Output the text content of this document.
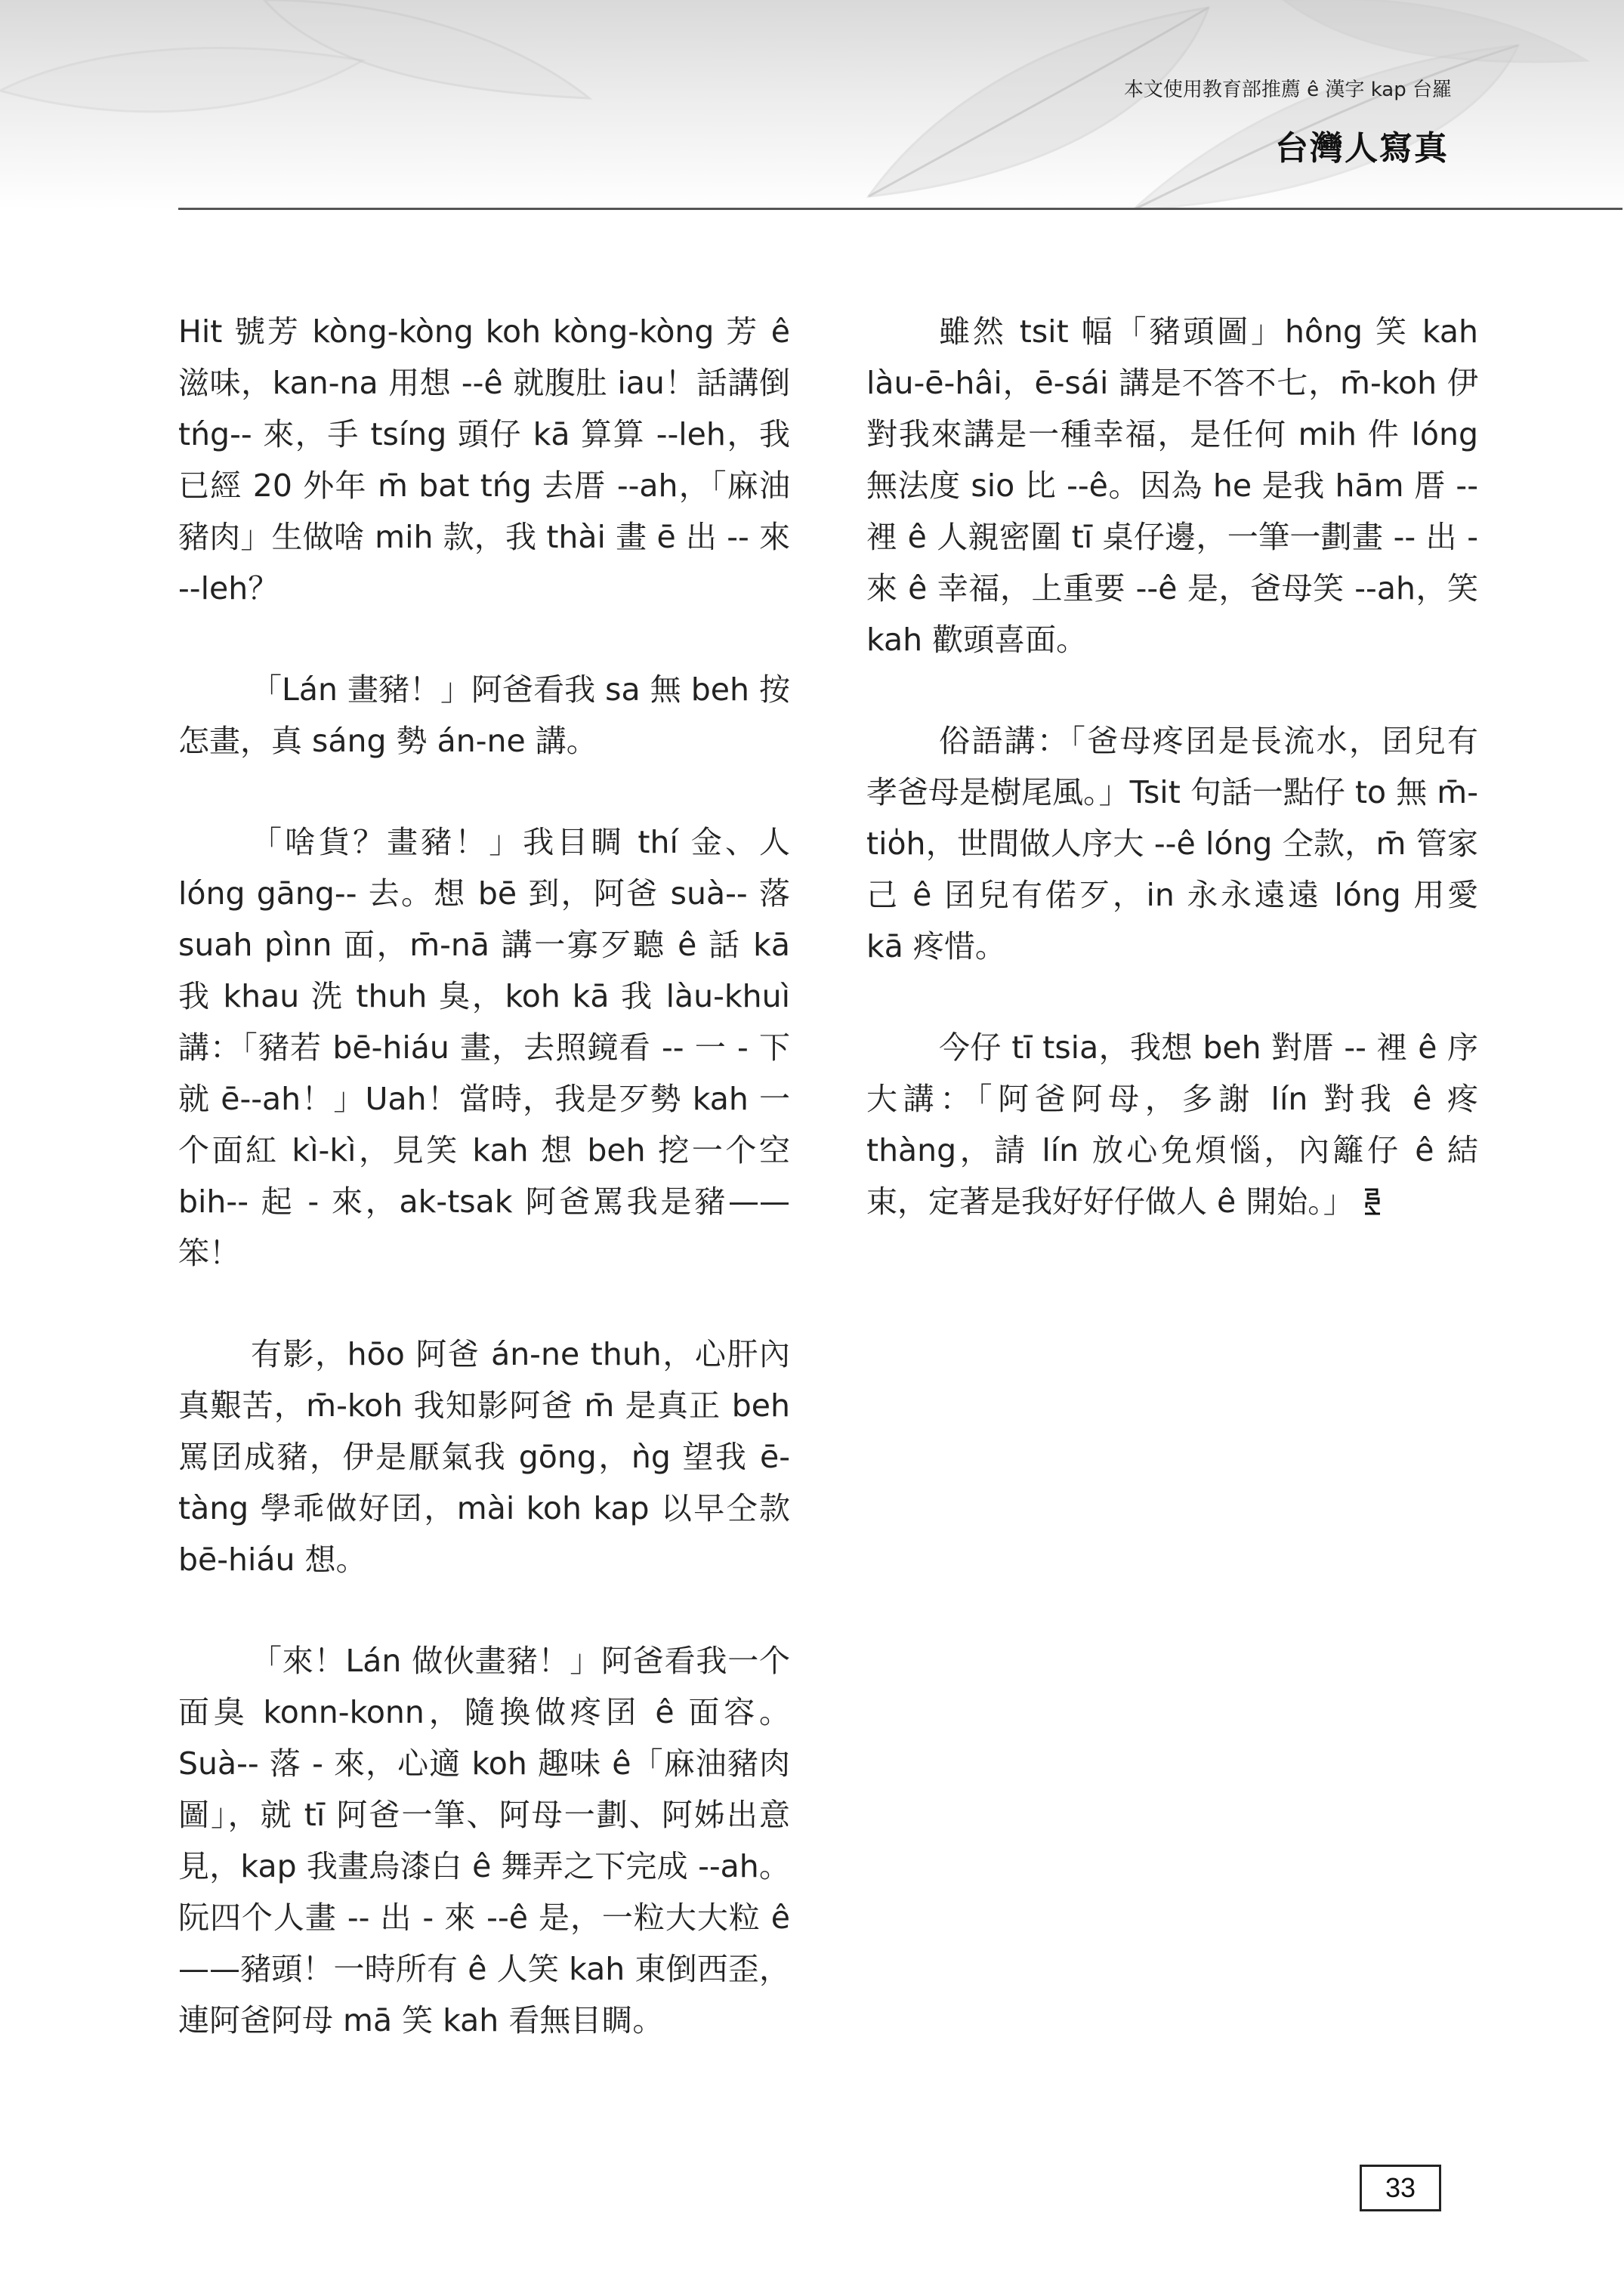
本文使用教育部推薦 ê 漢字 kap 台羅
台灣人寫真

Hit 號芳 kòng-kòng koh kòng-kòng 芳 ê 滋味，kan-na 用想 --ê 就腹肚 iau！話講倒 tńg-- 來，手 tsíng 頭仔 kā 算算 --leh，我已經 20 外年 m̄ bat tńg 去厝 --ah，「麻油豬肉」生做啥 mih 款，我 thài 畫 ē 出 -- 來 --leh？

「Lán 畫豬！」阿爸看我 sa 無 beh 按怎畫，真 sáng 勢 án-ne 講。

「啥貨？畫豬！」我目睭 thí 金、人 lóng gāng-- 去。想 bē 到，阿爸 suà-- 落 suah pìnn 面，m̄-nā 講一寡歹聽 ê 話 kā 我 khau 洗 thuh 臭，koh kā 我 làu-khuì 講：「豬若 bē-hiáu 畫，去照鏡看 -- 一 - 下就 ē--ah！」Uah！當時，我是歹勢 kah 一个面紅 kì-kì，見笑 kah 想 beh 挖一个空 bih-- 起 - 來，ak-tsak 阿爸罵我是豬——笨！

有影，hōo 阿爸 án-ne thuh，心肝內真艱苦，m̄-koh 我知影阿爸 m̄ 是真正 beh 罵囝成豬，伊是厭氣我 gōng，ǹg 望我 ē-tàng 學乖做好囝，mài koh kap 以早仝款 bē-hiáu 想。

「來！Lán 做伙畫豬！」阿爸看我一个面臭 konn-konn，隨換做疼囝 ê 面容。Suà-- 落 - 來，心適 koh 趣味 ê「麻油豬肉圖」，就 tī 阿爸一筆、阿母一劃、阿姊出意見，kap 我畫烏漆白 ê 舞弄之下完成 --ah。阮四个人畫 -- 出 - 來 --ê 是，一粒大大粒 ê——豬頭！一時所有 ê 人笑 kah 東倒西歪，連阿爸阿母 mā 笑 kah 看無目睭。

雖然 tsit 幅「豬頭圖」hông 笑 kah làu-ē-hâi，ē-sái 講是不答不七，m̄-koh 伊對我來講是一種幸福，是任何 mih 件 lóng 無法度 sio 比 --ê。因為 he 是我 hām 厝 -- 裡 ê 人親密圍 tī 桌仔邊，一筆一劃畫 -- 出 - 來 ê 幸福，上重要 --ê 是，爸母笑 --ah，笑 kah 歡頭喜面。

俗語講：「爸母疼囝是長流水，囝兒有孝爸母是樹尾風。」Tsit 句話一點仔 to 無 m̄-tio̍h，世間做人序大 --ê lóng 仝款，m̄ 管家己 ê 囝兒有偌歹，in 永永遠遠 lóng 用愛 kā 疼惜。

今仔 tī tsia，我想 beh 對厝 -- 裡 ê 序大講：「阿爸阿母，多謝 lín 對我 ê 疼 thàng，請 lín 放心免煩惱，內籬仔 ê 結束，定著是我好好仔做人 ê 開始。」

33
